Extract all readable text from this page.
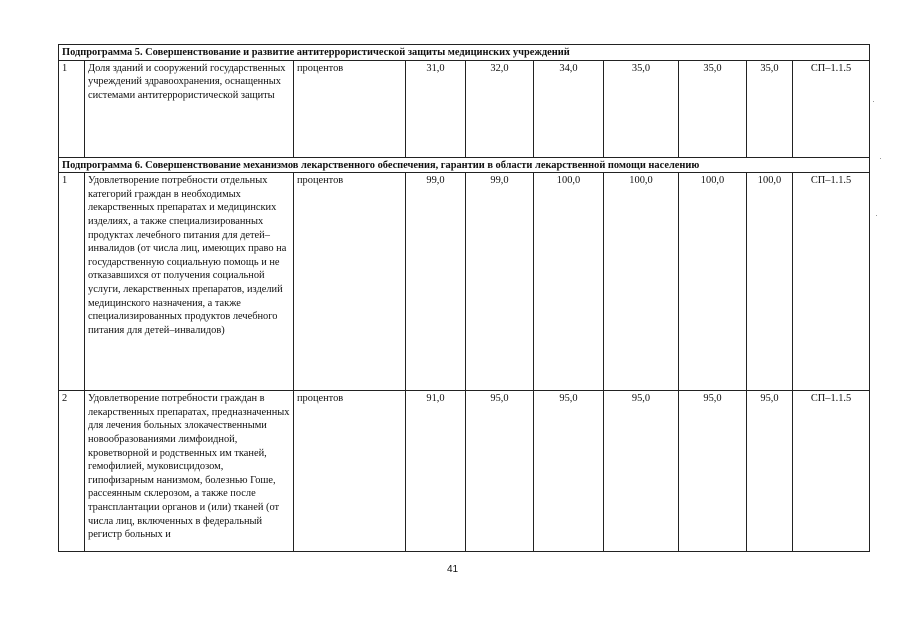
Подпрограмма 5. Совершенствование и развитие антитеррористической защиты медицинских учреждений									
1	Доля зданий и сооружений государственных учреждений здравоохранения, оснащенных системами антитеррористической защиты	процентов	31,0	32,0	34,0	35,0	35,0	35,0	СП–1.1.5
Подпрограмма 6. Совершенствование механизмов лекарственного обеспечения, гарантии в области лекарственной помощи населению									
1	Удовлетворение потребности отдельных категорий граждан в необходимых лекарственных препаратах и медицинских изделиях, а также специализированных продуктах лечебного питания для детей–инвалидов (от числа лиц, имеющих право на государственную социальную помощь и не отказавшихся от получения социальной услуги, лекарственных препаратов, изделий медицинского назначения, а также специализированных продуктов лечебного питания для детей–инвалидов)	процентов	99,0	99,0	100,0	100,0	100,0	100,0	СП–1.1.5
2	Удовлетворение потребности граждан в лекарственных препаратах, предназначенных для лечения больных злокачественными новообразованиями лимфоидной, кроветворной и родственных им тканей, гемофилией, муковисцидозом, гипофизарным нанизмом, болезнью Гоше, рассеянным склерозом, а также после трансплантации органов и (или) тканей (от числа лиц, включенных в федеральный регистр больных и	процентов	91,0	95,0	95,0	95,0	95,0	95,0	СП–1.1.5
41
